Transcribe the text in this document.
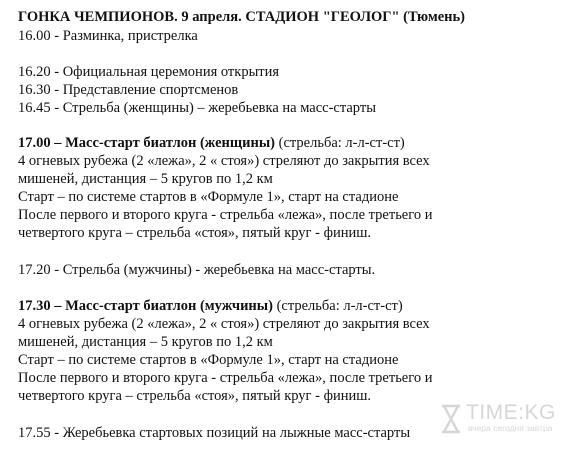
ГОНКА ЧЕМПИОНОВ. 9 апреля. СТАДИОН "ГЕОЛОГ" (Тюмень)
16.00 - Разминка, пристрелка
16.20 - Официальная церемония открытия
16.30 - Представление спортсменов
16.45 - Стрельба (женщины) – жеребьевка на масс-старты
17.00 – Масс-старт биатлон (женщины) (стрельба: л-л-ст-ст)
4 огневых рубежа (2 «лежа», 2 « стоя») стреляют до закрытия всех
мишеней, дистанция – 5 кругов по 1,2 км
Старт – по системе стартов в «Формуле 1», старт на стадионе
После первого и второго круга - стрельба «лежа», после третьего и
четвертого круга – стрельба «стоя», пятый круг - финиш.
17.20 - Стрельба (мужчины) - жеребьевка на масс-старты.
17.30 – Масс-старт биатлон (мужчины) (стрельба: л-л-ст-ст)
4 огневых рубежа (2 «лежа», 2 « стоя») стреляют до закрытия всех
мишеней, дистанция – 5 кругов по 1,2 км
Старт – по системе стартов в «Формуле 1», старт на стадионе
После первого и второго круга - стрельба «лежа», после третьего и
четвертого круга – стрельба «стоя», пятый круг - финиш.
17.55 - Жеребьевка стартовых позиций на лыжные масс-старты
TIME:KG
вчера сегодня завтра
